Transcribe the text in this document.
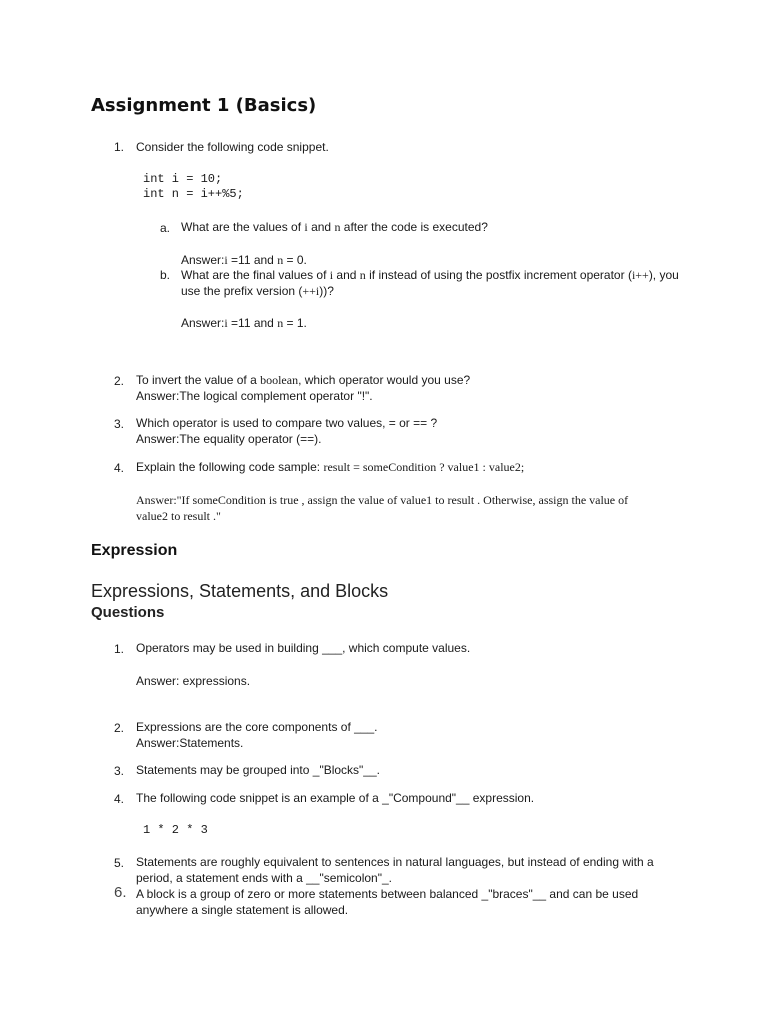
Assignment 1 (Basics)
1. Consider the following code snippet.
int i = 10;
int n = i++%5;
a. What are the values of i and n after the code is executed?
Answer:i =11 and n = 0.
b. What are the final values of i and n if instead of using the postfix increment operator (i++), you
use the prefix version (++i))?
Answer:i =11 and n = 1.
2. To invert the value of a boolean, which operator would you use?
Answer:The logical complement operator "!".
3. Which operator is used to compare two values, = or == ?
Answer:The equality operator (==).
4. Explain the following code sample: result = someCondition ? value1 : value2;
Answer:"If someCondition is true , assign the value of value1 to result . Otherwise, assign the value of
value2 to result ."
Expression
Expressions, Statements, and Blocks
Questions
1. Operators may be used in building ___, which compute values.
Answer: expressions.
2. Expressions are the core components of ___.
Answer:Statements.
3. Statements may be grouped into _"Blocks"__.
4. The following code snippet is an example of a _"Compound"__ expression.
1 * 2 * 3
5. Statements are roughly equivalent to sentences in natural languages, but instead of ending with a
period, a statement ends with a __"semicolon"_.
6. A block is a group of zero or more statements between balanced _"braces"__ and can be used
anywhere a single statement is allowed.
